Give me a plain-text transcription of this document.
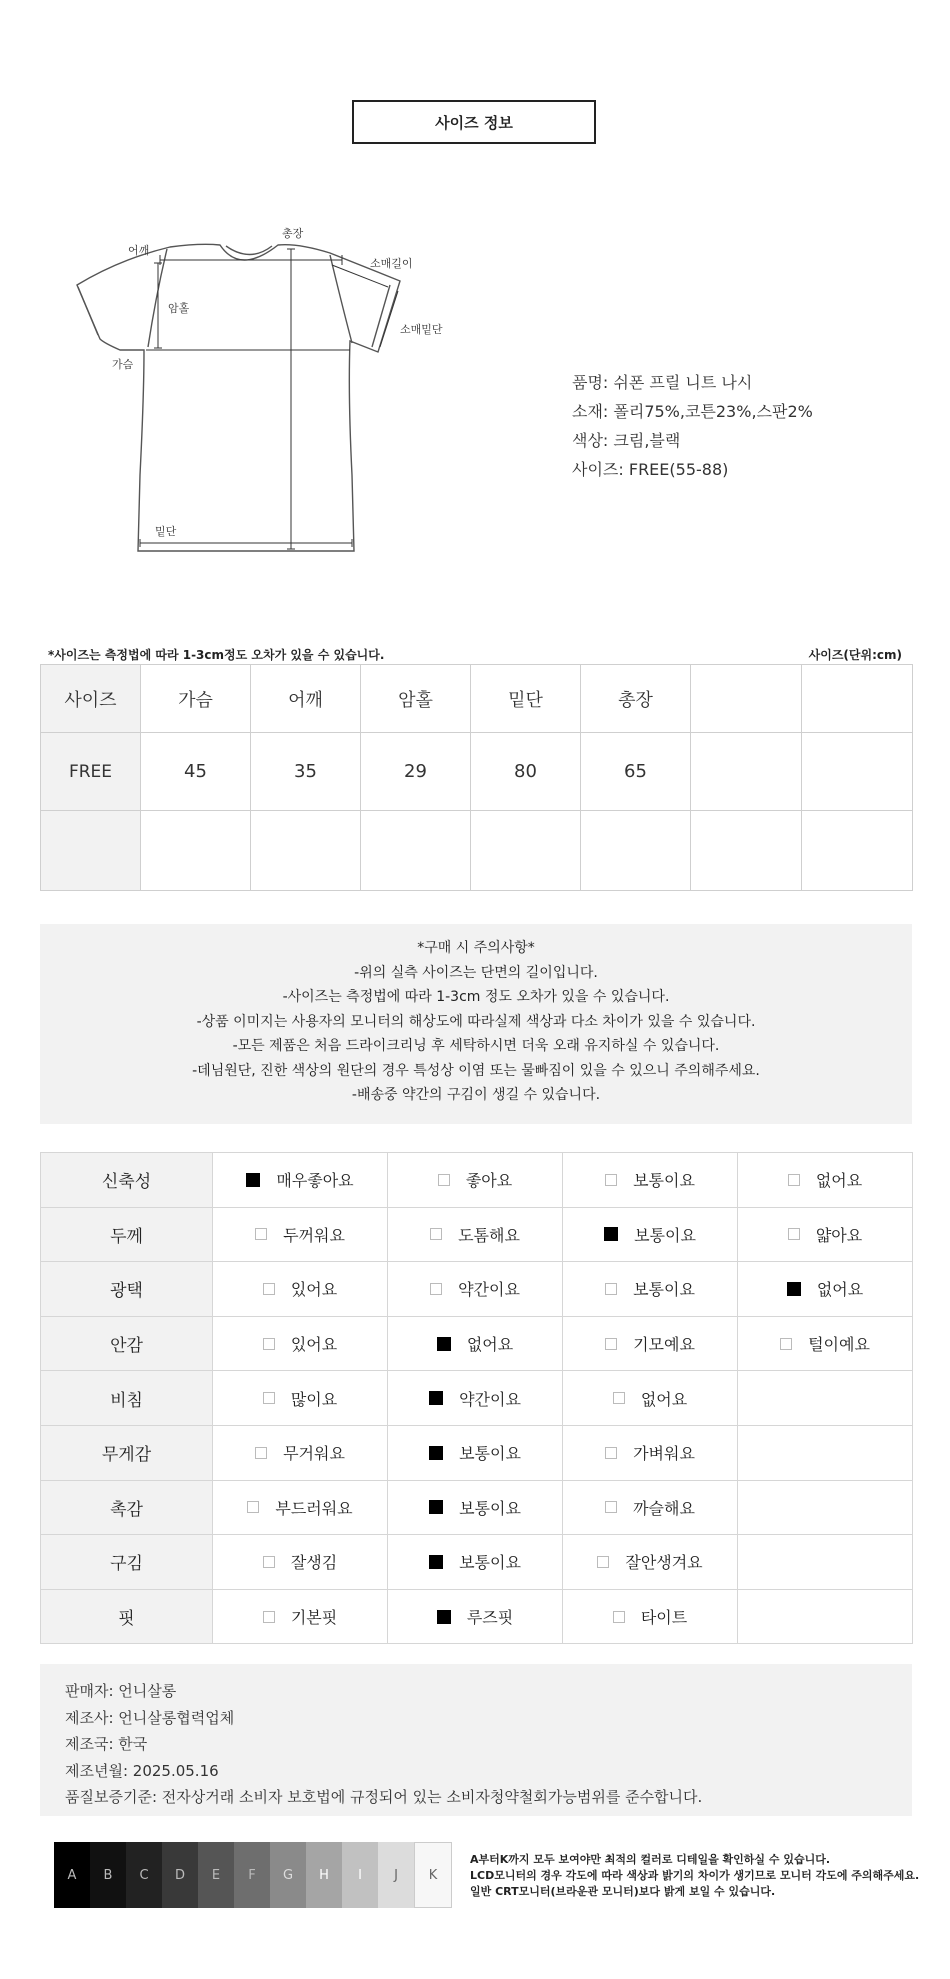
사이즈 정보
어깨
총장
소매길이
암홀
소매밑단
가슴
밑단
품명: 쉬폰 프릴 니트 나시
소재: 폴리75%,코튼23%,스판2%
색상: 크림,블랙
사이즈: FREE(55-88)
*사이즈는 측정법에 따라 1-3cm정도 오차가 있을 수 있습니다.	사이즈(단위:cm)
사이즈	가슴	어깨	암홀	밑단	총장		
FREE	45	35	29	80	65		

*구매 시 주의사항*
-위의 실측 사이즈는 단면의 길이입니다.
-사이즈는 측정법에 따라 1-3cm 정도 오차가 있을 수 있습니다.
-상품 이미지는 사용자의 모니터의 해상도에 따라실제 색상과 다소 차이가 있을 수 있습니다.
-모든 제품은 처음 드라이크리닝 후 세탁하시면 더욱 오래 유지하실 수 있습니다.
-데님원단, 진한 색상의 원단의 경우 특성상 이염 또는 물빠짐이 있을 수 있으니 주의해주세요.
-배송중 약간의 구김이 생길 수 있습니다.
신축성	매우좋아요	좋아요	보통이요	없어요

두께	두꺼워요	도톰해요	보통이요	얇아요

광택	있어요	약간이요	보통이요	없어요

안감	있어요	없어요	기모예요	털이예요

비침	많이요	약간이요	없어요	

무게감	무거워요	보통이요	가벼워요	

촉감	부드러워요	보통이요	까슬해요	

구김	잘생김	보통이요	잘안생겨요	

핏	기본핏	루즈핏	타이트	

판매자: 언니살롱
제조사: 언니살롱협력업체
제조국: 한국
제조년월: 2025.05.16
품질보증기준: 전자상거래 소비자 보호법에 규정되어 있는 소비자청약철회가능범위를 준수합니다.
A	B	C	D	E	F	G	H	I	J	K
A부터K까지 모두 보여야만 최적의 컬러로 디테일을 확인하실 수 있습니다.
LCD모니터의 경우 각도에 따라 색상과 밝기의 차이가 생기므로 모니터 각도에 주의해주세요.
일반 CRT모니터(브라운관 모니터)보다 밝게 보일 수 있습니다.
